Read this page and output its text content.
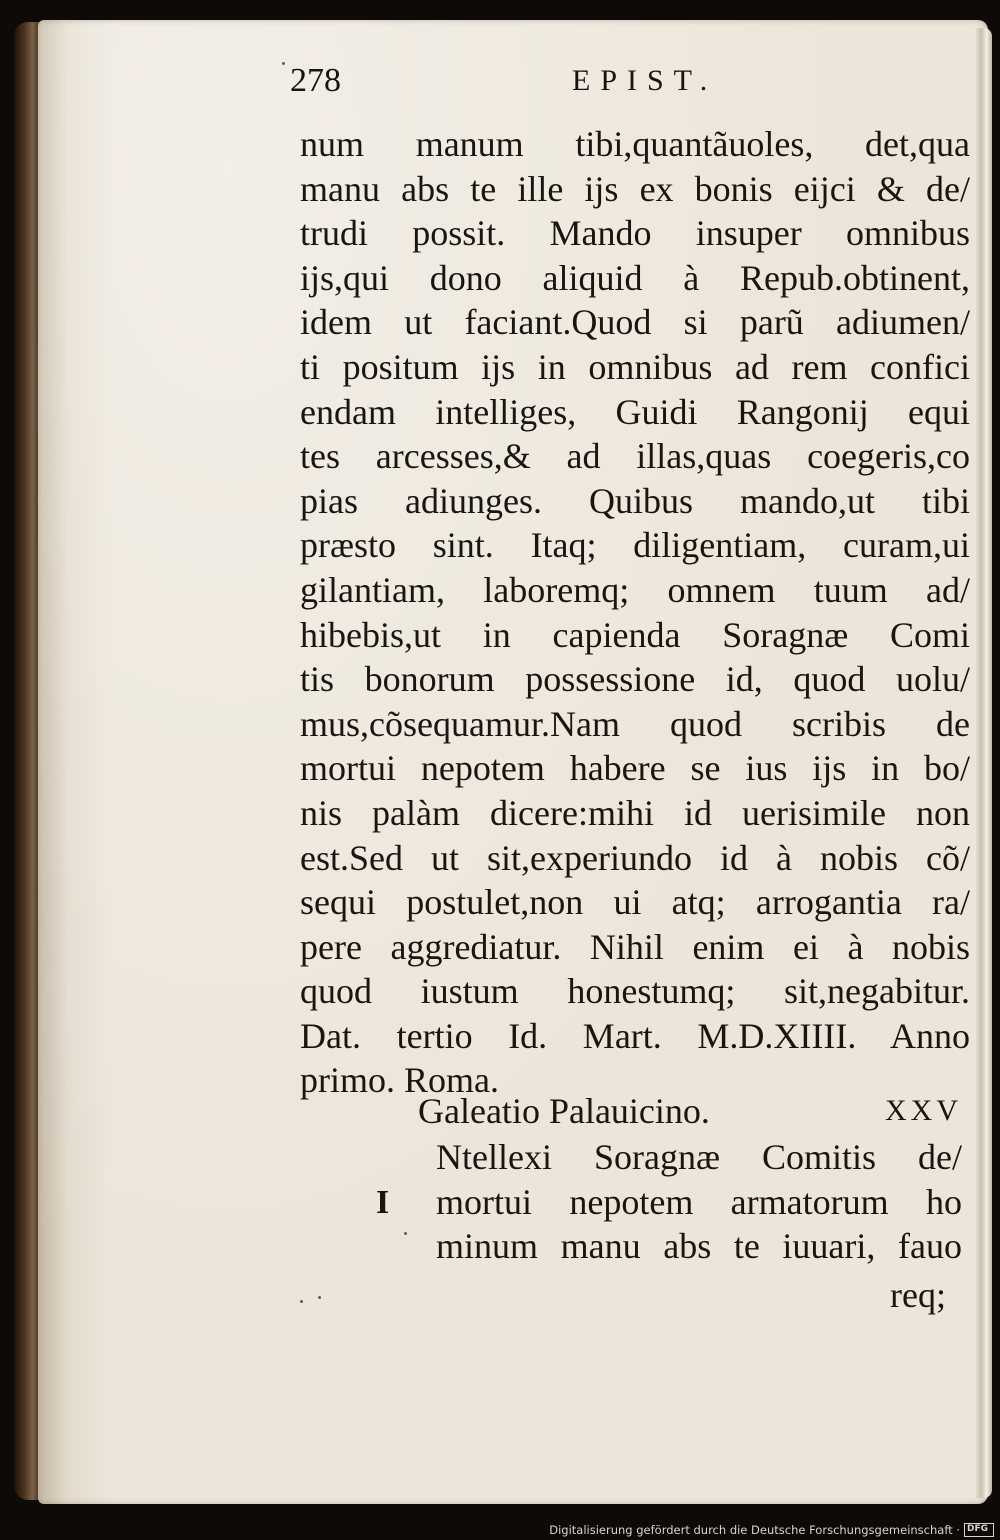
278	EPIST.
num manum tibi,quantãuoles, det,qua
manu abs te ille ijs ex bonis eijci & de/
trudi possit. Mando insuper omnibus
ijs,qui dono aliquid à Repub.obtinent,
idem ut faciant.Quod si parũ adiumen/
ti positum ijs in omnibus ad rem confici
endam intelliges, Guidi Rangonij equi
tes arcesses,& ad illas,quas coegeris,co
pias adiunges. Quibus mando,ut tibi
præsto sint. Itaq; diligentiam, curam,ui
gilantiam, laboremq; omnem tuum ad/
hibebis,ut in capienda Soragnæ Comi
tis bonorum possessione id, quod uolu/
mus,cõsequamur.Nam quod scribis de
mortui nepotem habere se ius ijs in bo/
nis palàm dicere:mihi id uerisimile non
est.Sed ut sit,experiundo id à nobis cõ/
sequi postulet,non ui atq; arrogantia ra/
pere aggrediatur. Nihil enim ei à nobis
quod iustum honestumq; sit,negabitur.
Dat. tertio Id. Mart. M.D.XIIII. Anno
primo. Roma.
Galeatio Palauicino.	XXV
I
Ntellexi Soragnæ Comitis de/
mortui nepotem armatorum ho
minum manu abs te iuuari, fauo
req;
Digitalisierung gefördert durch die Deutsche Forschungsgemeinschaft · DFG
